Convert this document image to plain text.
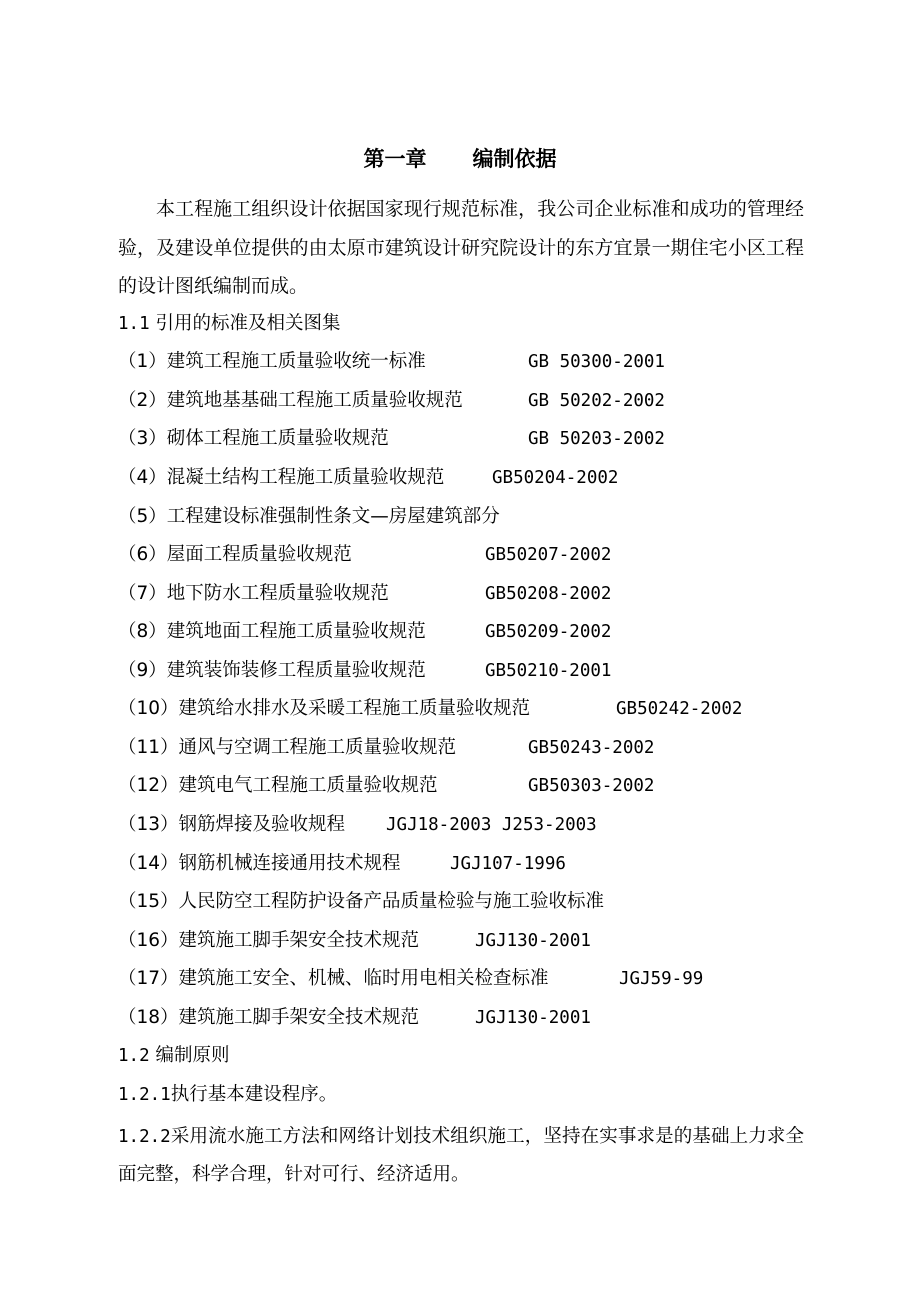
第一章 编制依据
本工程施工组织设计依据国家现行规范标准，我公司企业标准和成功的管理经验，及建设单位提供的由太原市建筑设计研究院设计的东方宜景一期住宅小区工程的设计图纸编制而成。
1.1 引用的标准及相关图集
（1）建筑工程施工质量验收统一标准	GB 50300-2001
（2）建筑地基基础工程施工质量验收规范	GB 50202-2002
（3）砌体工程施工质量验收规范	GB 50203-2002
（4）混凝土结构工程施工质量验收规范	GB50204-2002
（5）工程建设标准强制性条文—房屋建筑部分
（6）屋面工程质量验收规范	GB50207-2002
（7）地下防水工程质量验收规范	GB50208-2002
（8）建筑地面工程施工质量验收规范	GB50209-2002
（9）建筑装饰装修工程质量验收规范	GB50210-2001
（10）建筑给水排水及采暖工程施工质量验收规范	GB50242-2002
（11）通风与空调工程施工质量验收规范	GB50243-2002
（12）建筑电气工程施工质量验收规范	GB50303-2002
（13）钢筋焊接及验收规程 JGJ18-2003 J253-2003
（14）钢筋机械连接通用技术规程	JGJ107-1996
（15）人民防空工程防护设备产品质量检验与施工验收标准
（16）建筑施工脚手架安全技术规范	JGJ130-2001
（17）建筑施工安全、机械、临时用电相关检查标准	JGJ59-99
（18）建筑施工脚手架安全技术规范	JGJ130-2001
1.2 编制原则
1.2.1执行基本建设程序。
1.2.2采用流水施工方法和网络计划技术组织施工，坚持在实事求是的基础上力求全面完整，科学合理，针对可行、经济适用。
